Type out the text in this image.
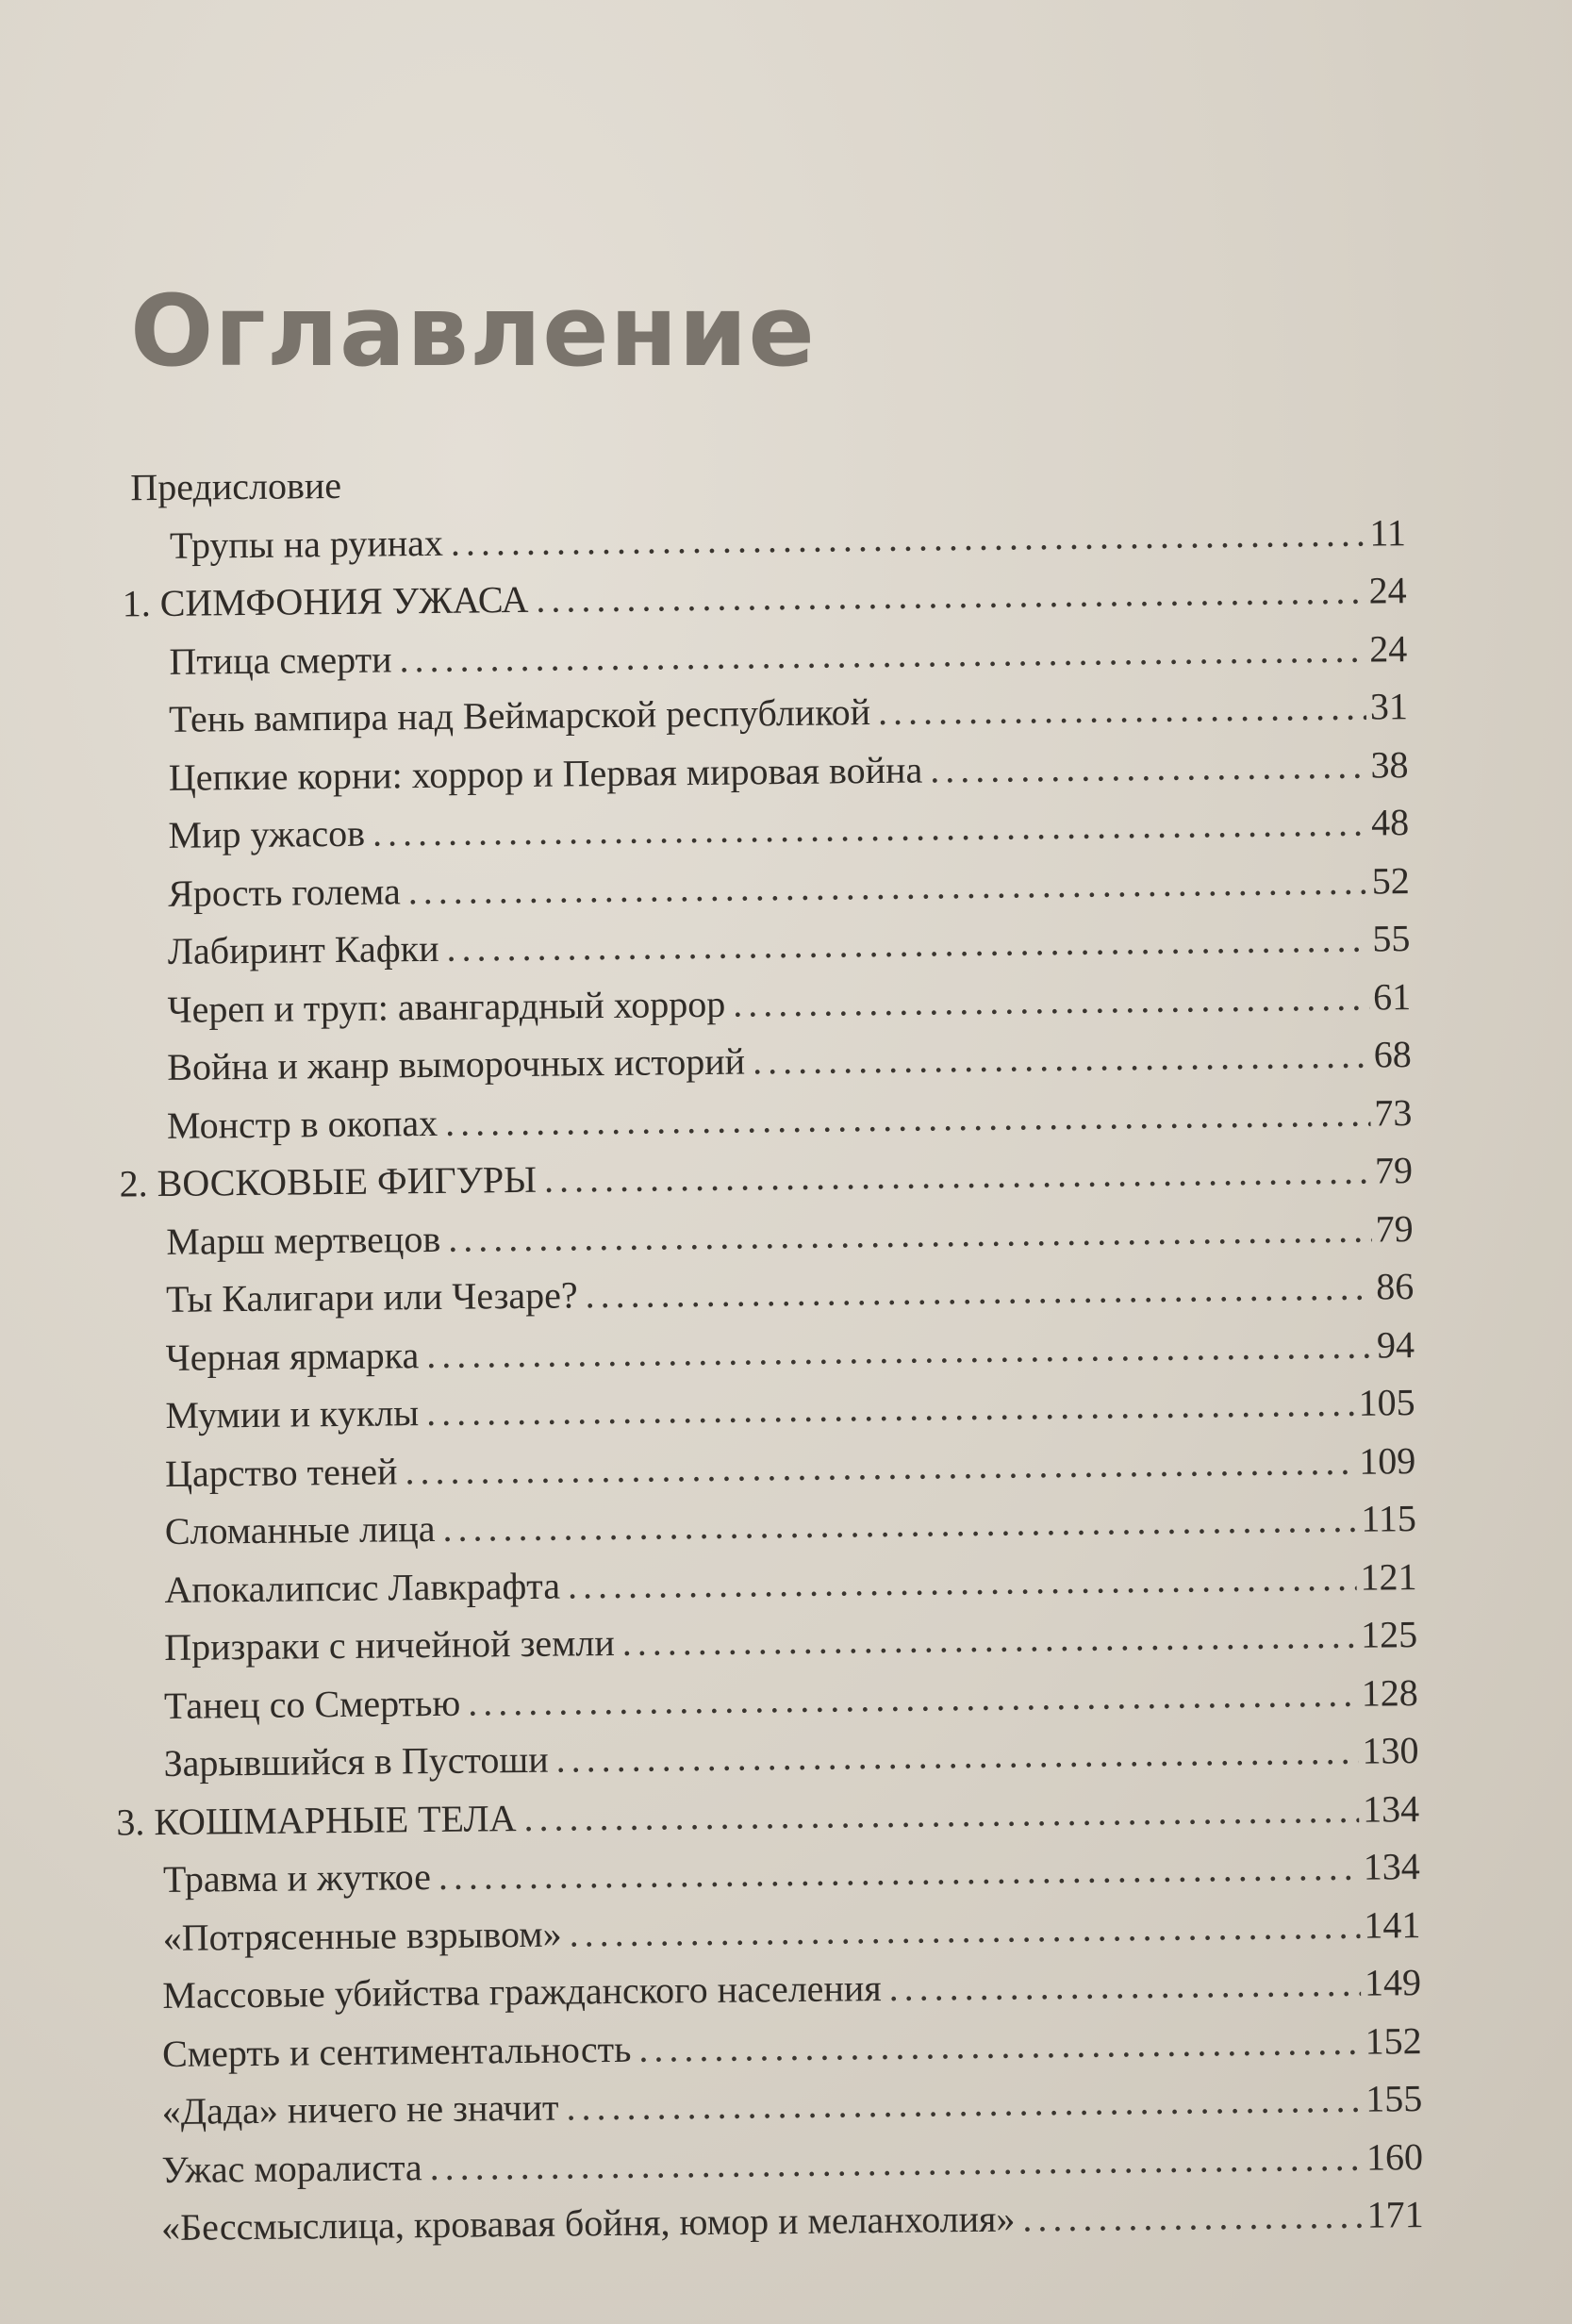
Оглавление
Предисловие
Трупы на руинах . . .	11
1. СИМФОНИЯ УЖАСА . . .	24
Птица смерти . . .	24
Тень вампира над Веймарской республикой . . .	31
Цепкие корни: хоррор и Первая мировая война . . .	38
Мир ужасов . . .	48
Ярость голема . . .	52
Лабиринт Кафки . . .	55
Череп и труп: авангардный хоррор . . .	61
Война и жанр выморочных историй . . .	68
Монстр в окопах . . .	73
2. ВОСКОВЫЕ ФИГУРЫ . . .	79
Марш мертвецов . . .	79
Ты Калигари или Чезаре? . . .	86
Черная ярмарка . . .	94
Мумии и куклы . . .	105
Царство теней . . .	109
Сломанные лица . . .	115
Апокалипсис Лавкрафта . . .	121
Призраки с ничейной земли . . .	125
Танец со Смертью . . .	128
Зарывшийся в Пустоши . . .	130
3. КОШМАРНЫЕ ТЕЛА . . .	134
Травма и жуткое . . .	134
«Потрясенные взрывом» . . .	141
Массовые убийства гражданского населения . . .	149
Смерть и сентиментальность . . .	152
«Дада» ничего не значит . . .	155
Ужас моралиста . . .	160
«Бессмыслица, кровавая бойня, юмор и меланхолия» . . .	171
